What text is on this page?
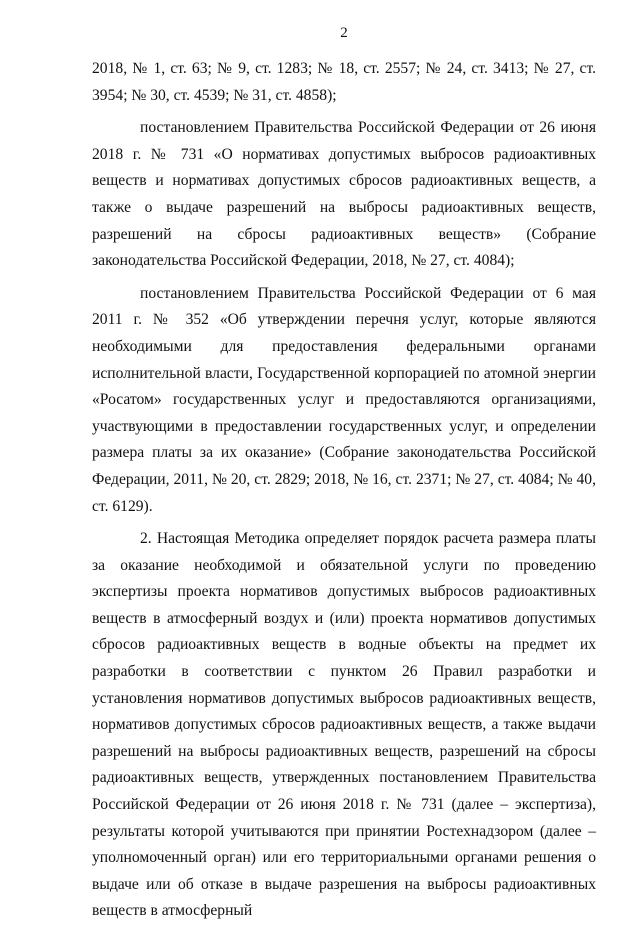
2

2018, № 1, ст. 63; № 9, ст. 1283; № 18, ст. 2557; № 24, ст. 3413; № 27, ст. 3954; № 30, ст. 4539; № 31, ст. 4858);

постановлением Правительства Российской Федерации от 26 июня 2018 г. № 731 «О нормативах допустимых выбросов радиоактивных веществ и нормативах допустимых сбросов радиоактивных веществ, а также о выдаче разрешений на выбросы радиоактивных веществ, разрешений на сбросы радиоактивных веществ» (Собрание законодательства Российской Федерации, 2018, № 27, ст. 4084);

постановлением Правительства Российской Федерации от 6 мая 2011 г. № 352 «Об утверждении перечня услуг, которые являются необходимыми для предоставления федеральными органами исполнительной власти, Государственной корпорацией по атомной энергии «Росатом» государственных услуг и предоставляются организациями, участвующими в предоставлении государственных услуг, и определении размера платы за их оказание» (Собрание законодательства Российской Федерации, 2011, № 20, ст. 2829; 2018, № 16, ст. 2371; № 27, ст. 4084; № 40, ст. 6129).

2. Настоящая Методика определяет порядок расчета размера платы за оказание необходимой и обязательной услуги по проведению экспертизы проекта нормативов допустимых выбросов радиоактивных веществ в атмосферный воздух и (или) проекта нормативов допустимых сбросов радиоактивных веществ в водные объекты на предмет их разработки в соответствии с пунктом 26 Правил разработки и установления нормативов допустимых выбросов радиоактивных веществ, нормативов допустимых сбросов радиоактивных веществ, а также выдачи разрешений на выбросы радиоактивных веществ, разрешений на сбросы радиоактивных веществ, утвержденных постановлением Правительства Российской Федерации от 26 июня 2018 г. № 731 (далее – экспертиза), результаты которой учитываются при принятии Ростехнадзором (далее – уполномоченный орган) или его территориальными органами решения о выдаче или об отказе в выдаче разрешения на выбросы радиоактивных веществ в атмосферный
